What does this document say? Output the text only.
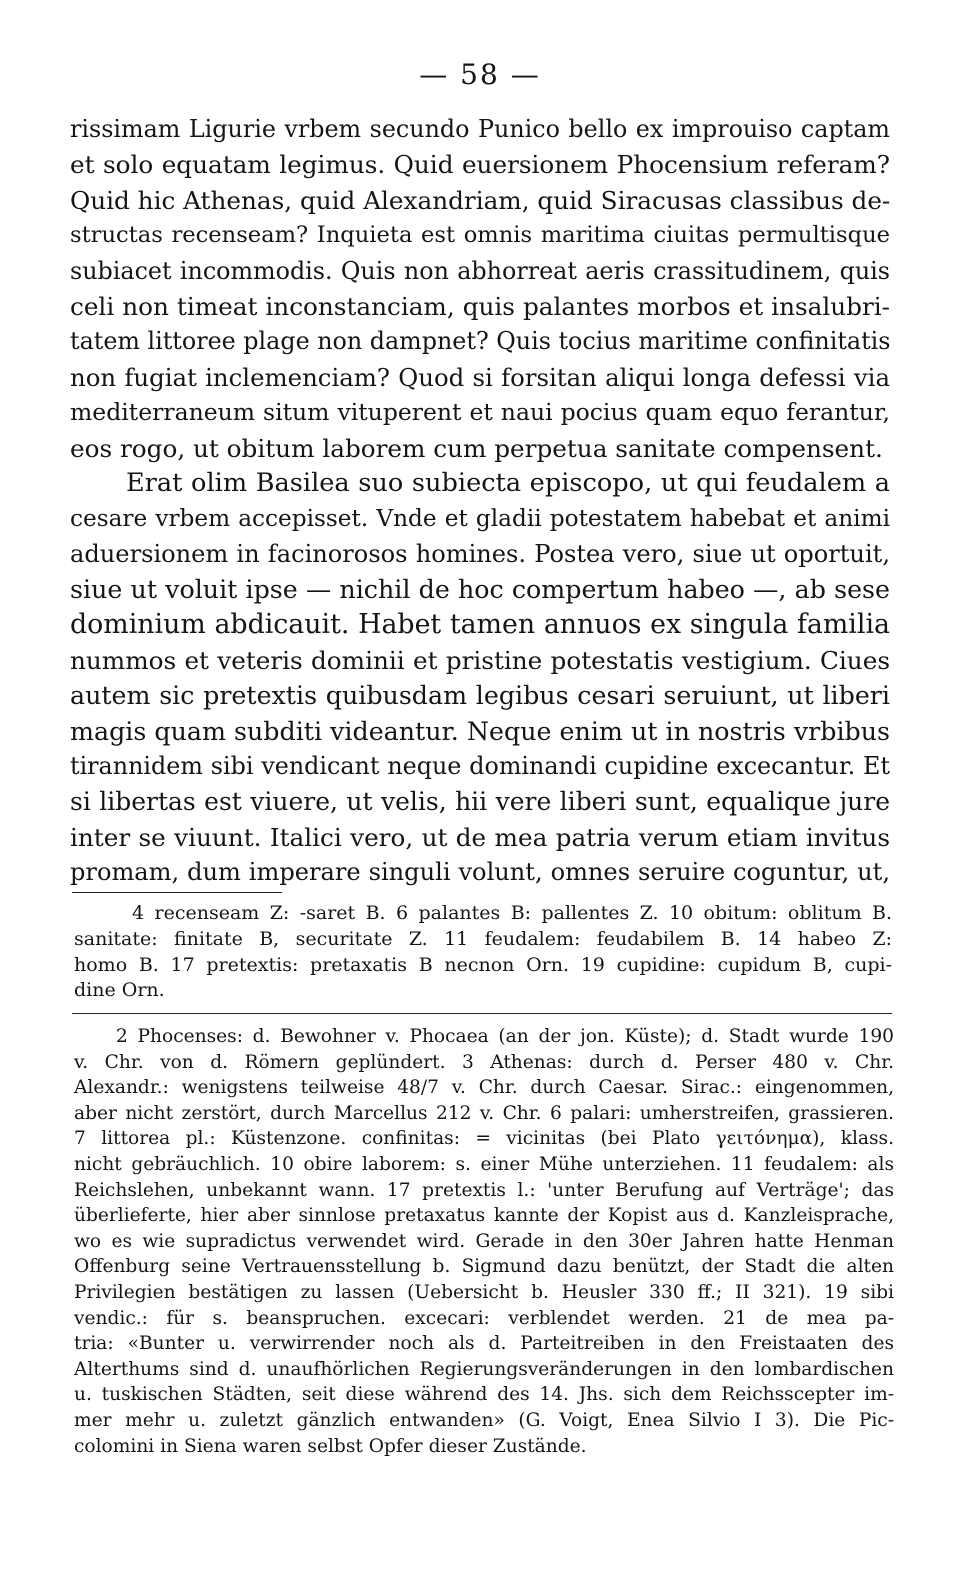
— 58 —
rissimam Ligurie vrbem secundo Punico bello ex improuiso captam
et solo equatam legimus. Quid euersionem Phocensium referam?
Quid hic Athenas, quid Alexandriam, quid Siracusas classibus de-
structas recenseam? Inquieta est omnis maritima ciuitas permultisque
subiacet incommodis. Quis non abhorreat aeris crassitudinem, quis
celi non timeat inconstanciam, quis palantes morbos et insalubri-
tatem littoree plage non dampnet? Quis tocius maritime confinitatis
non fugiat inclemenciam? Quod si forsitan aliqui longa defessi via
mediterraneum situm vituperent et naui pocius quam equo ferantur,
eos rogo, ut obitum laborem cum perpetua sanitate compensent.
Erat olim Basilea suo subiecta episcopo, ut qui feudalem a
cesare vrbem accepisset. Vnde et gladii potestatem habebat et animi
aduersionem in facinorosos homines. Postea vero, siue ut oportuit,
siue ut voluit ipse — nichil de hoc compertum habeo —, ab sese
dominium abdicauit. Habet tamen annuos ex singula familia
nummos et veteris dominii et pristine potestatis vestigium. Ciues
autem sic pretextis quibusdam legibus cesari seruiunt, ut liberi
magis quam subditi videantur. Neque enim ut in nostris vrbibus
tirannidem sibi vendicant neque dominandi cupidine excecantur. Et
si libertas est viuere, ut velis, hii vere liberi sunt, equalique jure
inter se viuunt. Italici vero, ut de mea patria verum etiam invitus
promam, dum imperare singuli volunt, omnes seruire coguntur, ut,
4 recenseam Z: -saret B. 6 palantes B: pallentes Z. 10 obitum: oblitum B.
sanitate: finitate B, securitate Z. 11 feudalem: feudabilem B. 14 habeo Z:
homo B. 17 pretextis: pretaxatis B necnon Orn. 19 cupidine: cupidum B, cupi-
dine Orn.
2 Phocenses: d. Bewohner v. Phocaea (an der jon. Küste); d. Stadt wurde 190
v. Chr. von d. Römern geplündert. 3 Athenas: durch d. Perser 480 v. Chr.
Alexandr.: wenigstens teilweise 48/7 v. Chr. durch Caesar. Sirac.: eingenommen,
aber nicht zerstört, durch Marcellus 212 v. Chr. 6 palari: umherstreifen, grassieren.
7 littorea pl.: Küstenzone. confinitas: = vicinitas (bei Plato γειτόνημα), klass.
nicht gebräuchlich. 10 obire laborem: s. einer Mühe unterziehen. 11 feudalem: als
Reichslehen, unbekannt wann. 17 pretextis l.: 'unter Berufung auf Verträge'; das
überlieferte, hier aber sinnlose pretaxatus kannte der Kopist aus d. Kanzleisprache,
wo es wie supradictus verwendet wird. Gerade in den 30er Jahren hatte Henman
Offenburg seine Vertrauensstellung b. Sigmund dazu benützt, der Stadt die alten
Privilegien bestätigen zu lassen (Uebersicht b. Heusler 330 ff.; II 321). 19 sibi
vendic.: für s. beanspruchen. excecari: verblendet werden. 21 de mea pa-
tria: «Bunter u. verwirrender noch als d. Parteitreiben in den Freistaaten des
Alterthums sind d. unaufhörlichen Regierungsveränderungen in den lombardischen
u. tuskischen Städten, seit diese während des 14. Jhs. sich dem Reichsscepter im-
mer mehr u. zuletzt gänzlich entwanden» (G. Voigt, Enea Silvio I 3). Die Pic-
colomini in Siena waren selbst Opfer dieser Zustände.
